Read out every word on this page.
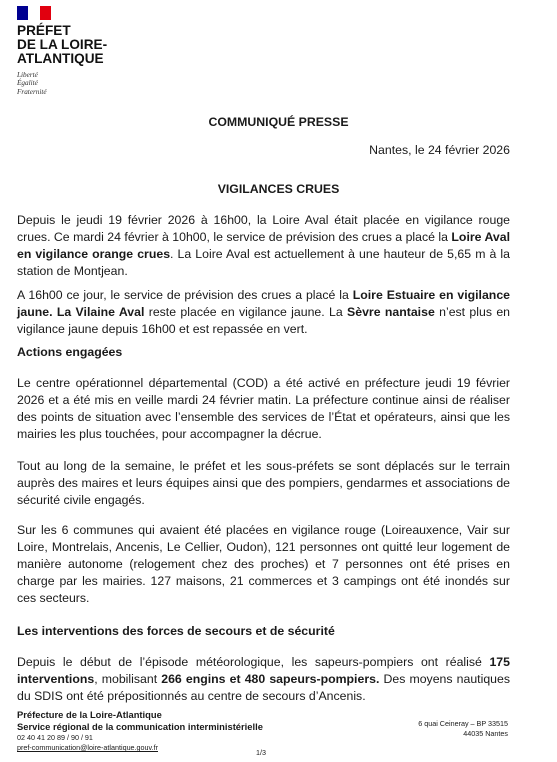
PRÉFET
DE LA LOIRE-
ATLANTIQUE
Liberté
Égalité
Fraternité
COMMUNIQUÉ PRESSE
Nantes, le 24 février 2026
VIGILANCES CRUES
Depuis le jeudi 19 février 2026 à 16h00, la Loire Aval était placée en vigilance rouge crues. Ce mardi 24 février à 10h00, le service de prévision des crues a placé la Loire Aval en vigilance orange crues. La Loire Aval est actuellement à une hauteur de 5,65 m à la station de Montjean.
A 16h00 ce jour, le service de prévision des crues a placé la Loire Estuaire en vigilance jaune. La Vilaine Aval reste placée en vigilance jaune. La Sèvre nantaise n’est plus en vigilance jaune depuis 16h00 et est repassée en vert.
Actions engagées
Le centre opérationnel départemental (COD) a été activé en préfecture jeudi 19 février 2026 et a été mis en veille mardi 24 février matin. La préfecture continue ainsi de réaliser des points de situation avec l’ensemble des services de l’État et opérateurs, ainsi que les mairies les plus touchées, pour accompagner la décrue.
Tout au long de la semaine, le préfet et les sous-préfets se sont déplacés sur le terrain auprès des maires et leurs équipes ainsi que des pompiers, gendarmes et associations de sécurité civile engagés.
Sur les 6 communes qui avaient été placées en vigilance rouge (Loireauxence, Vair sur Loire, Montrelais, Ancenis, Le Cellier, Oudon), 121 personnes ont quitté leur logement de manière autonome (relogement chez des proches) et 7 personnes ont été prises en charge par les mairies. 127 maisons, 21 commerces et 3 campings ont été inondés sur ces secteurs.
Les interventions des forces de secours et de sécurité
Depuis le début de l’épisode météorologique, les sapeurs-pompiers ont réalisé 175 interventions, mobilisant 266 engins et 480 sapeurs-pompiers. Des moyens nautiques du SDIS ont été prépositionnés au centre de secours d’Ancenis.
Préfecture de la Loire-Atlantique
Service régional de la communication interministérielle
02 40 41 20 89 / 90 / 91
pref-communication@loire-atlantique.gouv.fr
6 quai Ceineray – BP 33515
44035 Nantes
1/3
